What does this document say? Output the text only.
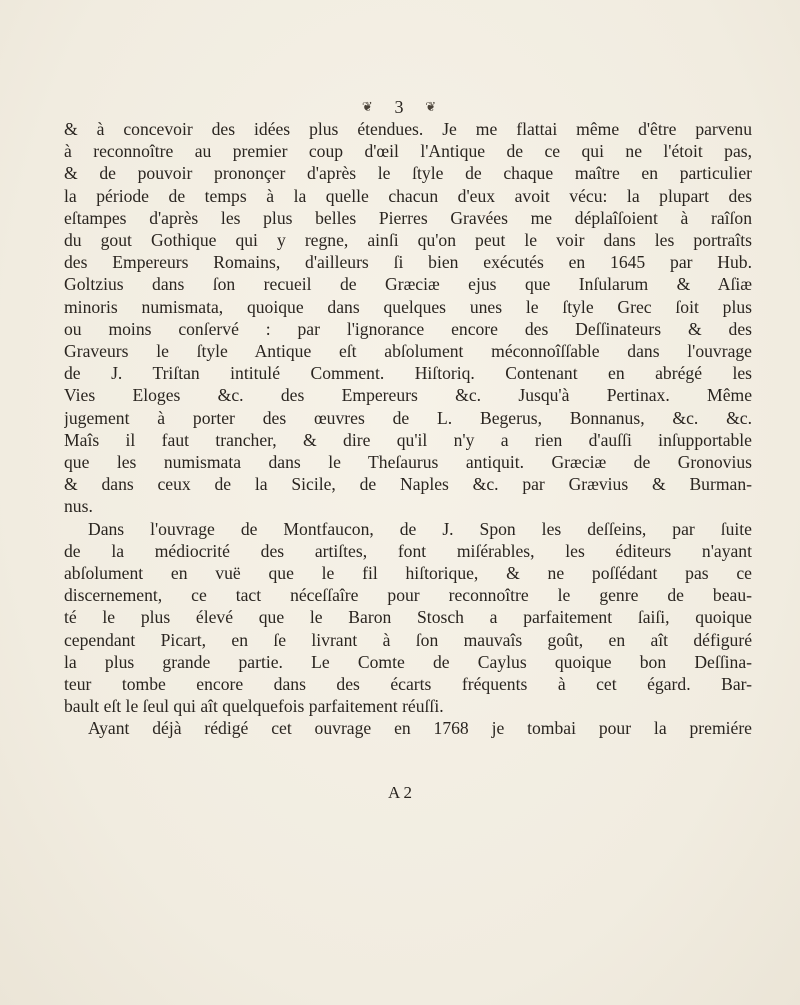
❦ 3 ❦
& à concevoir des idées plus étendues. Je me flattai même d'être parvenu
à reconnoître au premier coup d'œil l'Antique de ce qui ne l'étoit pas,
& de pouvoir prononçer d'après le ſtyle de chaque maître en particulier
la période de temps à la quelle chacun d'eux avoit vécu: la plupart des
eſtampes d'après les plus belles Pierres Gravées me déplaîſoient à raîſon
du gout Gothique qui y regne, ainſi qu'on peut le voir dans les portraîts
des Empereurs Romains, d'ailleurs ſi bien exécutés en 1645 par Hub.
Goltzius dans ſon recueil de Græciæ ejus que Inſularum & Aſiæ
minoris numismata, quoique dans quelques unes le ſtyle Grec ſoit plus
ou moins conſervé : par l'ignorance encore des Deſſinateurs & des
Graveurs le ſtyle Antique eſt abſolument méconnoîſſable dans l'ouvrage
de J. Triſtan intitulé Comment. Hiſtoriq. Contenant en abrégé les
Vies Eloges &c. des Empereurs &c. Jusqu'à Pertinax. Même
jugement à porter des œuvres de L. Begerus, Bonnanus, &c. &c.
Maîs il faut trancher, & dire qu'il n'y a rien d'auſſi inſupportable
que les numismata dans le Theſaurus antiquit. Græciæ de Gronovius
& dans ceux de la Sicile, de Naples &c. par Grævius & Burman-
nus.
Dans l'ouvrage de Montfaucon, de J. Spon les deſſeins, par ſuite
de la médiocrité des artiſtes, font miſérables, les éditeurs n'ayant
abſolument en vuë que le fil hiſtorique, & ne poſſédant pas ce
discernement, ce tact néceſſaîre pour reconnoître le genre de beau-
té le plus élevé que le Baron Stosch a parfaitement ſaiſi, quoique
cependant Picart, en ſe livrant à ſon mauvaîs goût, en aît défiguré
la plus grande partie. Le Comte de Caylus quoique bon Deſſina-
teur tombe encore dans des écarts fréquents à cet égard. Bar-
bault eſt le ſeul qui aît quelquefois parfaitement réuſſi.
Ayant déjà rédigé cet ouvrage en 1768 je tombai pour la premiére
A 2
